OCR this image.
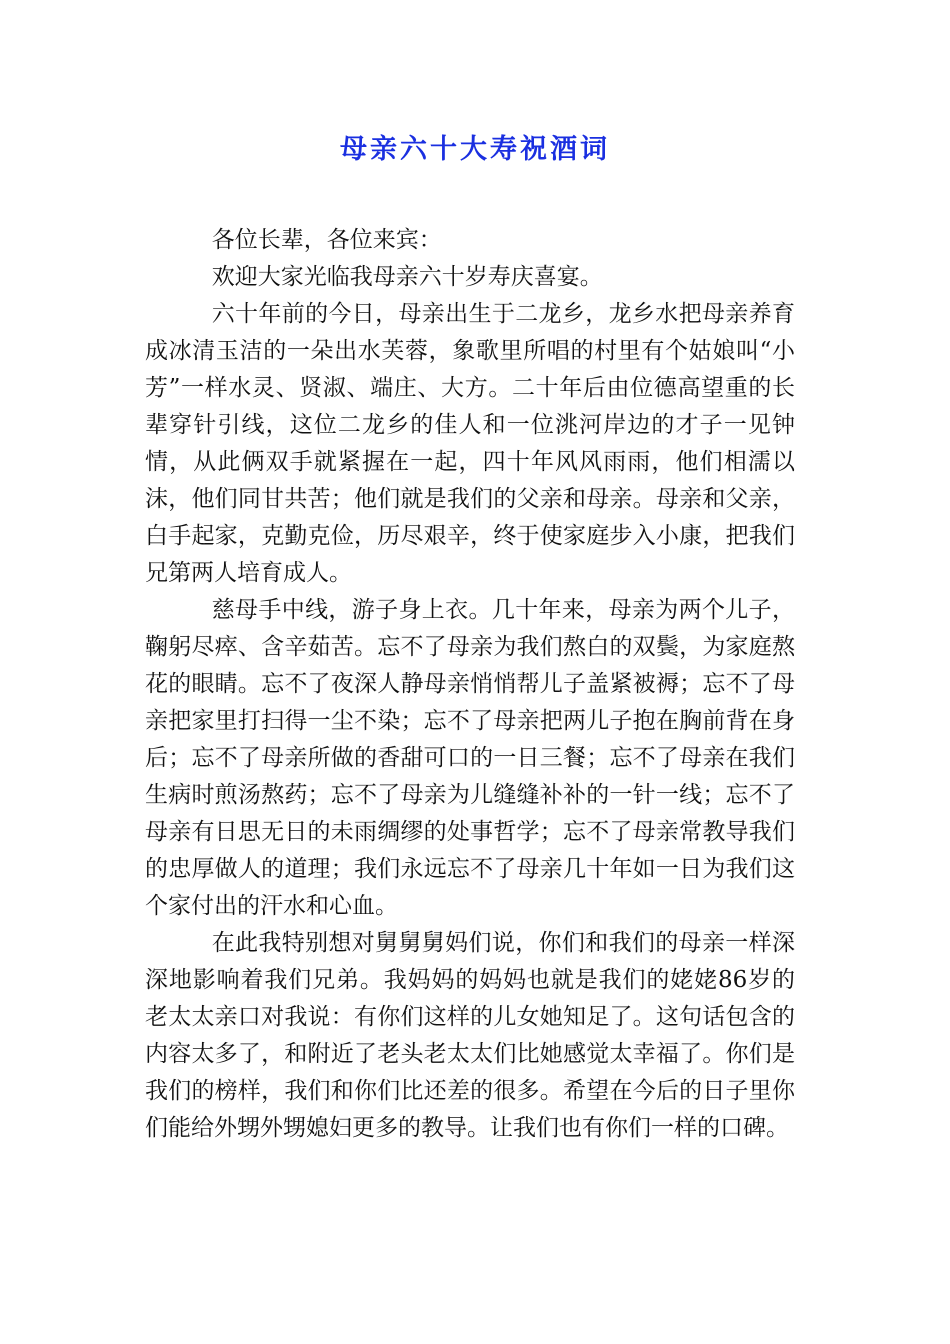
母亲六十大寿祝酒词

各位长辈，各位来宾：

欢迎大家光临我母亲六十岁寿庆喜宴。

六十年前的今日，母亲出生于二龙乡，龙乡水把母亲养育成冰清玉洁的一朵出水芙蓉，象歌里所唱的村里有个姑娘叫“小芳”一样水灵、贤淑、端庄、大方。二十年后由位德高望重的长辈穿针引线，这位二龙乡的佳人和一位洮河岸边的才子一见钟情，从此俩双手就紧握在一起，四十年风风雨雨，他们相濡以沫，他们同甘共苦；他们就是我们的父亲和母亲。母亲和父亲，白手起家，克勤克俭，历尽艰辛，终于使家庭步入小康，把我们兄第两人培育成人。

慈母手中线，游子身上衣。几十年来，母亲为两个儿子，鞠躬尽瘁、含辛茹苦。忘不了母亲为我们熬白的双鬓，为家庭熬花的眼睛。忘不了夜深人静母亲悄悄帮儿子盖紧被褥；忘不了母亲把家里打扫得一尘不染；忘不了母亲把两儿子抱在胸前背在身后；忘不了母亲所做的香甜可口的一日三餐；忘不了母亲在我们生病时煎汤熬药；忘不了母亲为儿缝缝补补的一针一线；忘不了母亲有日思无日的未雨绸缪的处事哲学；忘不了母亲常教导我们的忠厚做人的道理；我们永远忘不了母亲几十年如一日为我们这个家付出的汗水和心血。

在此我特别想对舅舅舅妈们说，你们和我们的母亲一样深深地影响着我们兄弟。我妈妈的妈妈也就是我们的姥姥86岁的老太太亲口对我说：有你们这样的儿女她知足了。这句话包含的内容太多了，和附近了老头老太太们比她感觉太幸福了。你们是我们的榜样，我们和你们比还差的很多。希望在今后的日子里你们能给外甥外甥媳妇更多的教导。让我们也有你们一样的口碑。
